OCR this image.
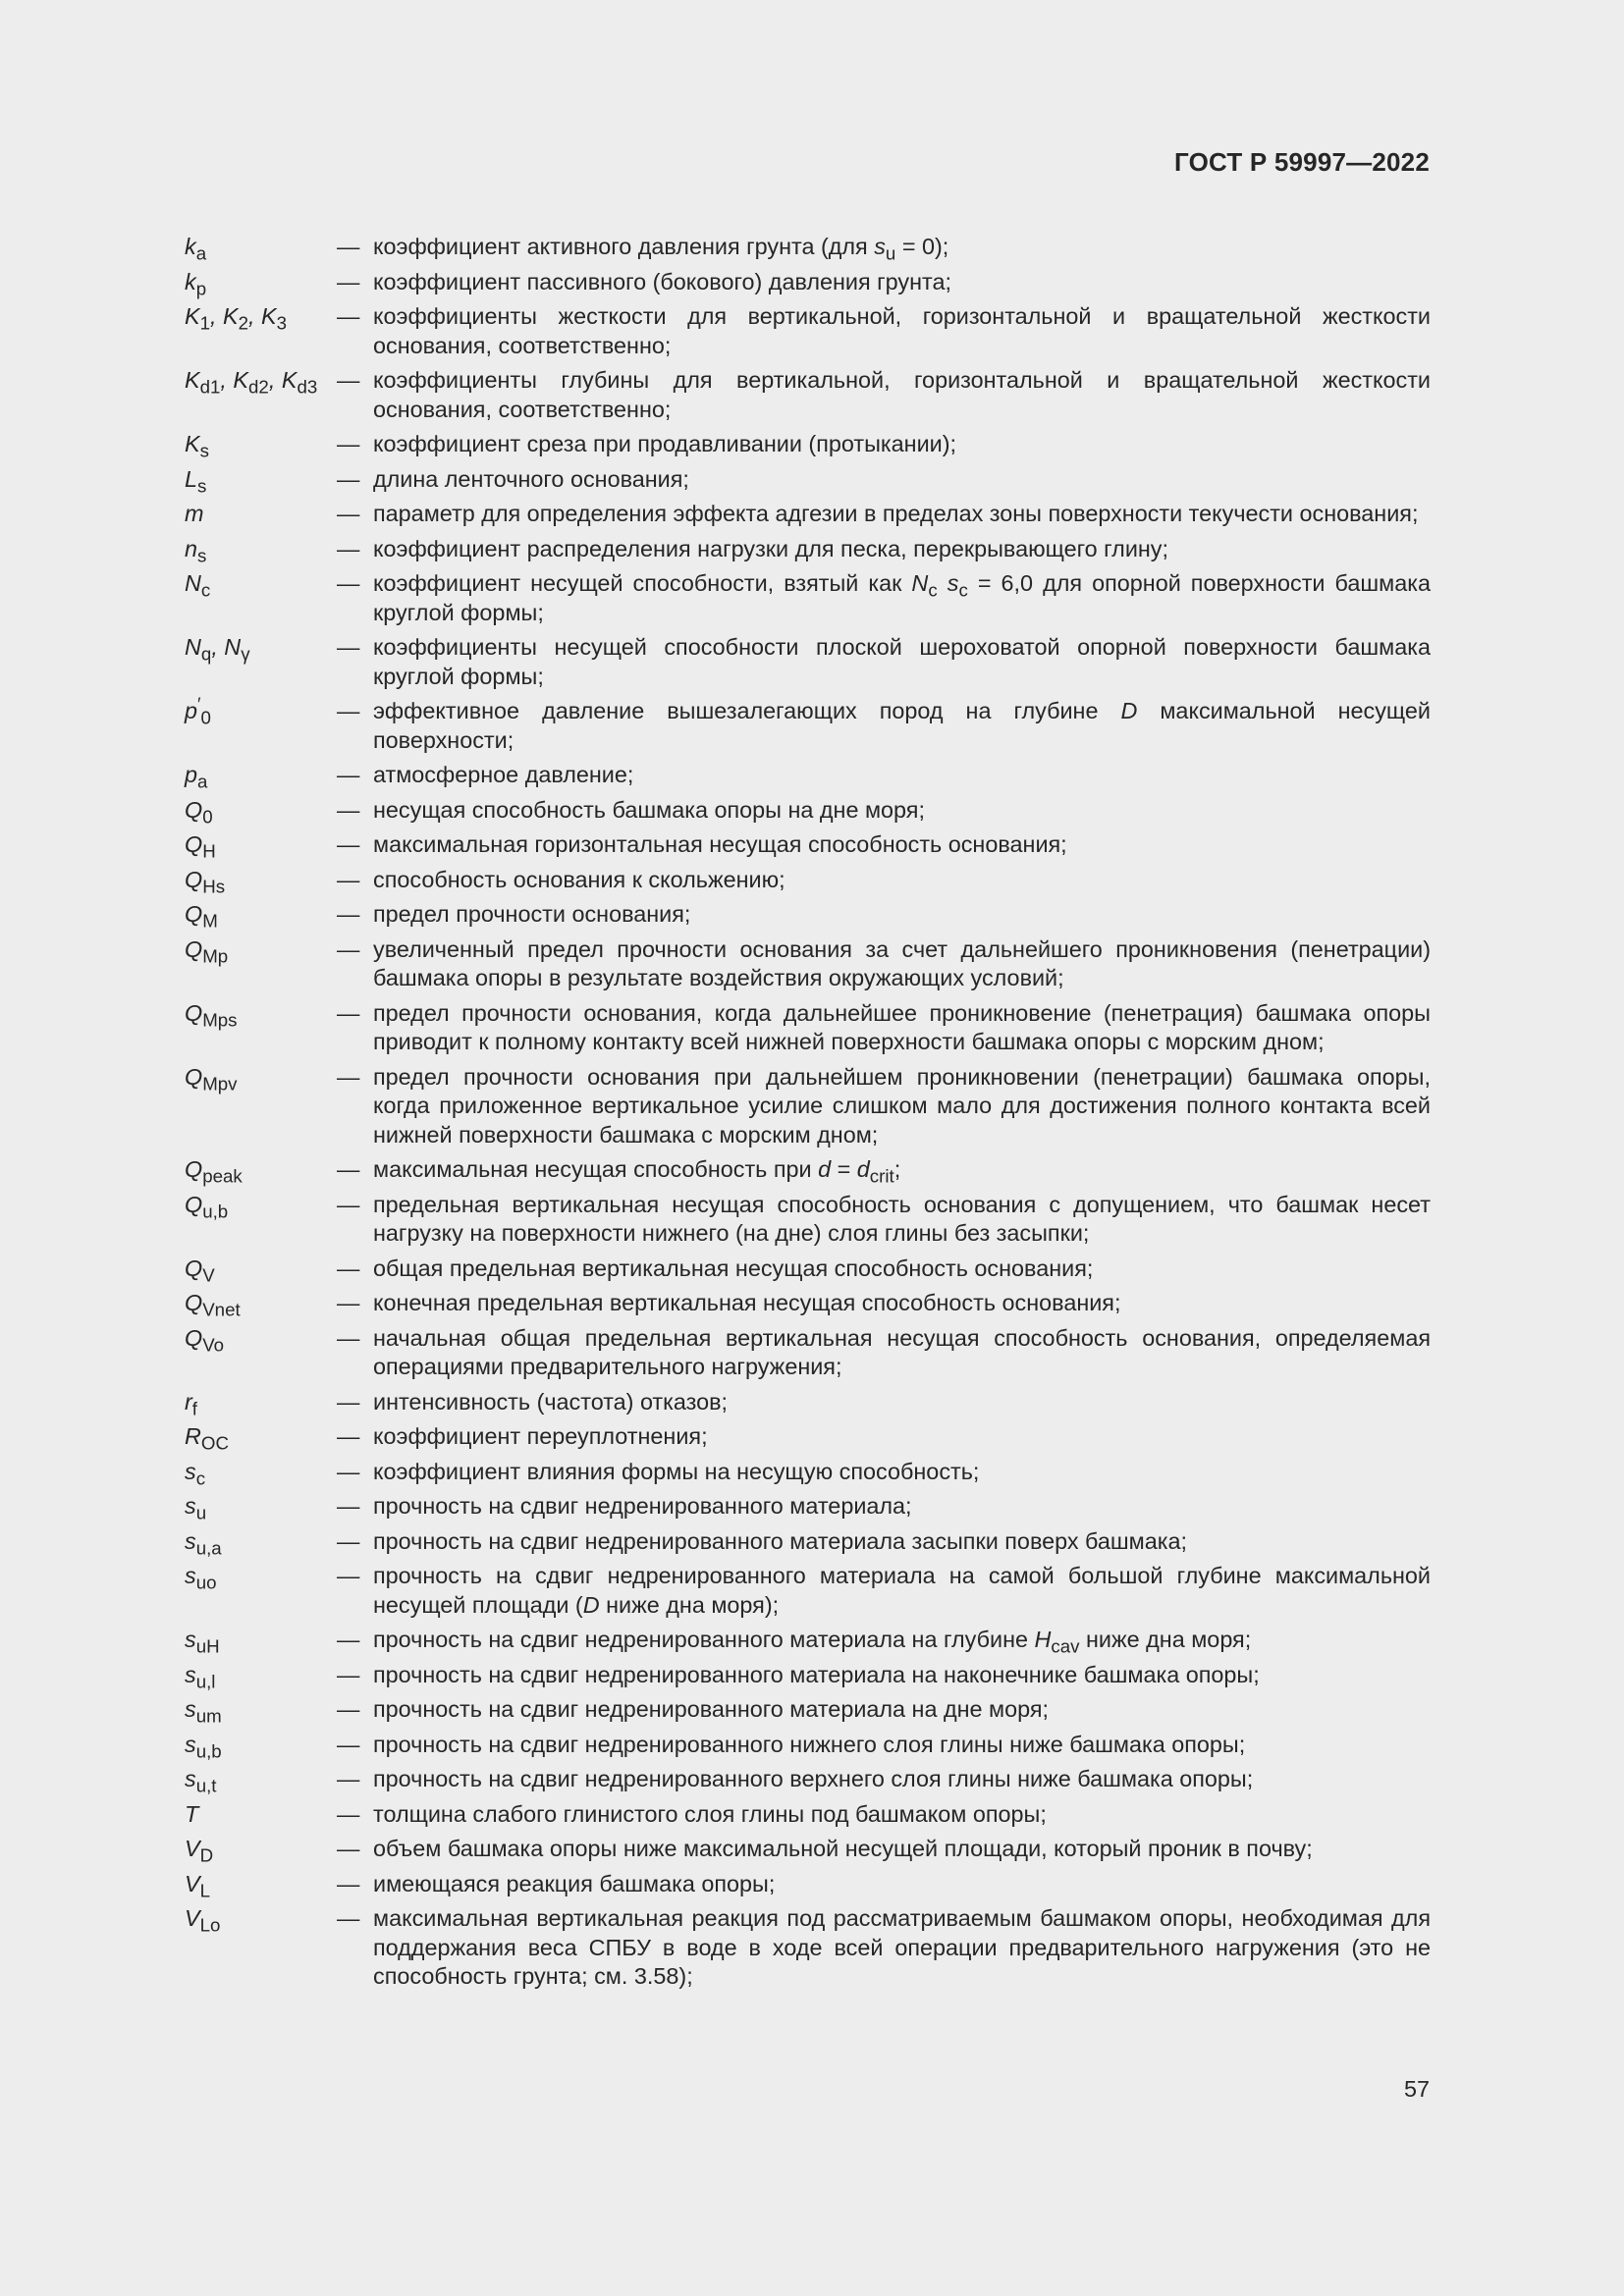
ГОСТ Р 59997—2022
$k_a$	— коэффициент активного давления грунта (для $s_u = 0$);
$k_p$	— коэффициент пассивного (бокового) давления грунта;
$K_1$, $K_2$, $K_3$	— коэффициенты жесткости для вертикальной, горизонтальной и вращательной жесткости основания, соответственно;
$K_{d1}$, $K_{d2}$, $K_{d3}$ — коэффициенты глубины для вертикальной, горизонтальной и вращательной жесткости основания, соответственно;
$K_s$	— коэффициент среза при продавливании (протыкании);
$L_s$	— длина ленточного основания;
m	— параметр для определения эффекта адгезии в пределах зоны поверхности текучести основания;
$n_s$	— коэффициент распределения нагрузки для песка, перекрывающего глину;
$N_c$	— коэффициент несущей способности, взятый как $N_c$ $s_c = 6,0$ для опорной поверхности башмака круглой формы;
$N_q$, $N_\gamma$	— коэффициенты несущей способности плоской шероховатой опорной поверхности башмака круглой формы;
$p'_0$	— эффективное давление вышезалегающих пород на глубине D максимальной несущей поверхности;
$p_a$	— атмосферное давление;
$Q_0$	— несущая способность башмака опоры на дне моря;
$Q_H$	— максимальная горизонтальная несущая способность основания;
$Q_{Hs}$	— способность основания к скольжению;
$Q_M$	— предел прочности основания;
$Q_{Mp}$	— увеличенный предел прочности основания за счет дальнейшего проникновения (пенетрации) башмака опоры в результате воздействия окружающих условий;
$Q_{Mps}$	— предел прочности основания, когда дальнейшее проникновение (пенетрация) башмака опоры приводит к полному контакту всей нижней поверхности башмака опоры с морским дном;
$Q_{Mpv}$	— предел прочности основания при дальнейшем проникновении (пенетрации) башмака опоры, когда приложенное вертикальное усилие слишком мало для достижения полного контакта всей нижней поверхности башмака с морским дном;
$Q_{peak}$	— максимальная несущая способность при $d = d_{crit}$;
$Q_{u,b}$	— предельная вертикальная несущая способность основания с допущением, что башмак несет нагрузку на поверхности нижнего (на дне) слоя глины без засыпки;
$Q_V$	— общая предельная вертикальная несущая способность основания;
$Q_{Vnet}$	— конечная предельная вертикальная несущая способность основания;
$Q_{Vo}$	— начальная общая предельная вертикальная несущая способность основания, определяемая операциями предварительного нагружения;
$r_f$	— интенсивность (частота) отказов;
$R_{OC}$	— коэффициент переуплотнения;
$s_c$	— коэффициент влияния формы на несущую способность;
$s_u$	— прочность на сдвиг недренированного материала;
$s_{u,a}$	— прочность на сдвиг недренированного материала засыпки поверх башмака;
$s_{uo}$	— прочность на сдвиг недренированного материала на самой большой глубине максимальной несущей площади (D ниже дна моря);
$s_{uH}$	— прочность на сдвиг недренированного материала на глубине $H_{cav}$ ниже дна моря;
$s_{u,l}$	— прочность на сдвиг недренированного материала на наконечнике башмака опоры;
$s_{um}$	— прочность на сдвиг недренированного материала на дне моря;
$s_{u,b}$	— прочность на сдвиг недренированного нижнего слоя глины ниже башмака опоры;
$s_{u,t}$	— прочность на сдвиг недренированного верхнего слоя глины ниже башмака опоры;
T	— толщина слабого глинистого слоя глины под башмаком опоры;
$V_D$	— объем башмака опоры ниже максимальной несущей площади, который проник в почву;
$V_L$	— имеющаяся реакция башмака опоры;
$V_{Lo}$	— максимальная вертикальная реакция под рассматриваемым башмаком опоры, необходимая для поддержания веса СПБУ в воде в ходе всей операции предварительного нагружения (это не способность грунта; см. 3.58);
57
